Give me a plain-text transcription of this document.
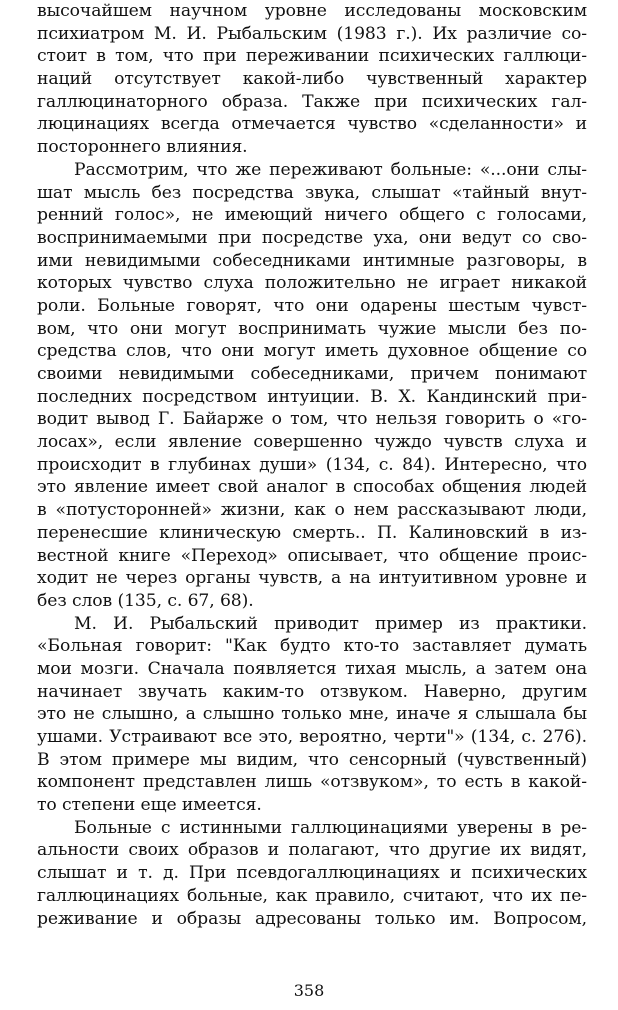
высочайшем научном уровне исследованы московским
психиатром М. И. Рыбальским (1983 г.). Их различие со-
стоит в том, что при переживании психических галлюци-
наций отсутствует какой-либо чувственный характер
галлюцинаторного образа. Также при психических гал-
люцинациях всегда отмечается чувство «сделанности» и
постороннего влияния.
Рассмотрим, что же переживают больные: «...они слы-
шат мысль без посредства звука, слышат «тайный внут-
ренний голос», не имеющий ничего общего с голосами,
воспринимаемыми при посредстве уха, они ведут со сво-
ими невидимыми собеседниками интимные разговоры, в
которых чувство слуха положительно не играет никакой
роли. Больные говорят, что они одарены шестым чувст-
вом, что они могут воспринимать чужие мысли без по-
средства слов, что они могут иметь духовное общение со
своими невидимыми собеседниками, причем понимают
последних посредством интуиции. В. Х. Кандинский при-
водит вывод Г. Байарже о том, что нельзя говорить о «го-
лосах», если явление совершенно чуждо чувств слуха и
происходит в глубинах души» (134, с. 84). Интересно, что
это явление имеет свой аналог в способах общения людей
в «потусторонней» жизни, как о нем рассказывают люди,
перенесшие клиническую смерть.. П. Калиновский в из-
вестной книге «Переход» описывает, что общение проис-
ходит не через органы чувств, а на интуитивном уровне и
без слов (135, с. 67, 68).
М. И. Рыбальский приводит пример из практики.
«Больная говорит: "Как будто кто-то заставляет думать
мои мозги. Сначала появляется тихая мысль, а затем она
начинает звучать каким-то отзвуком. Наверно, другим
это не слышно, а слышно только мне, иначе я слышала бы
ушами. Устраивают все это, вероятно, черти"» (134, с. 276).
В этом примере мы видим, что сенсорный (чувственный)
компонент представлен лишь «отзвуком», то есть в какой-
то степени еще имеется.
Больные с истинными галлюцинациями уверены в ре-
альности своих образов и полагают, что другие их видят,
слышат и т. д. При псевдогаллюцинациях и психических
галлюцинациях больные, как правило, считают, что их пе-
реживание и образы адресованы только им. Вопросом,
358
